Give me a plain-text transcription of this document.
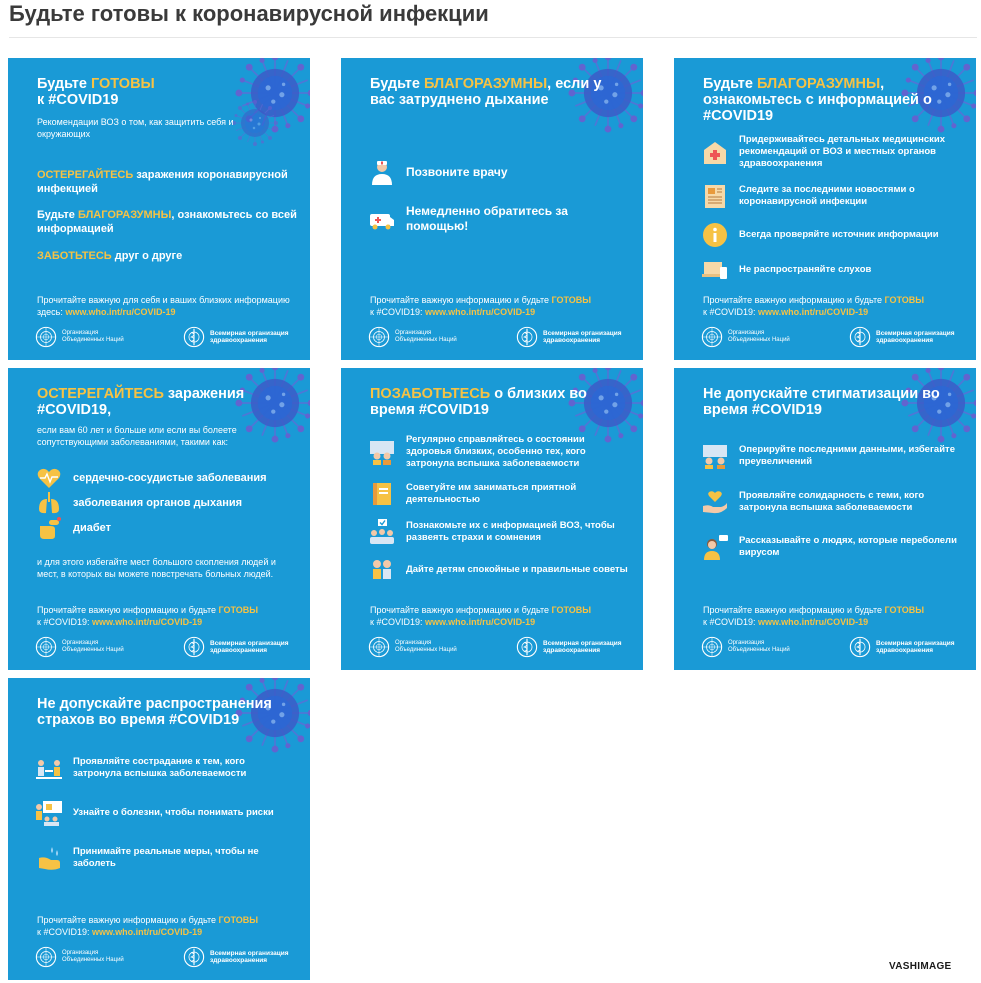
Будьте готовы к коронавирусной инфекции
Будьте ГОТОВЫ
к #COVID19
Рекомендации ВОЗ о том, как защитить себя и окружающих
ОСТЕРЕГАЙТЕСЬ заражения коронавирусной инфекцией
Будьте БЛАГОРАЗУМНЫ, ознакомьтесь со всей информацией
ЗАБОТЬТЕСЬ друг о друге
Прочитайте важную для себя и ваших близких информацию здесь: www.who.int/ru/COVID-19
Организация
Объединенных Наций
Всемирная организация
здравоохранения
Будьте БЛАГОРАЗУМНЫ, если у вас затруднено дыхание
Позвоните врачу
Немедленно обратитесь за помощью!
Прочитайте важную информацию и будьте ГОТОВЫ
к #COVID19: www.who.int/ru/COVID-19
Организация
Объединенных Наций
Всемирная организация
здравоохранения
Будьте БЛАГОРАЗУМНЫ, ознакомьтесь с информацией о #COVID19
Придерживайтесь детальных медицинских рекомендаций от ВОЗ и местных органов здравоохранения
Следите за последними новостями о коронавирусной инфекции
Всегда проверяйте источник информации
Не распространяйте слухов
Прочитайте важную информацию и будьте ГОТОВЫ
к #COVID19: www.who.int/ru/COVID-19
Организация
Объединенных Наций
Всемирная организация
здравоохранения
ОСТЕРЕГАЙТЕСЬ заражения #COVID19,
если вам 60 лет и больше или если вы болеете сопутствующими заболеваниями, такими как:
сердечно-сосудистые заболевания
заболевания органов дыхания
диабет
и для этого избегайте мест большого скопления людей и мест, в которых вы можете повстречать больных людей.
Прочитайте важную информацию и будьте ГОТОВЫ
к #COVID19: www.who.int/ru/COVID-19
Организация
Объединенных Наций
Всемирная организация
здравоохранения
ПОЗАБОТЬТЕСЬ о близких во время #COVID19
Регулярно справляйтесь о состоянии здоровья близких, особенно тех, кого затронула вспышка заболеваемости
Советуйте им заниматься приятной деятельностью
Познакомьте их с информацией ВОЗ, чтобы развеять страхи и сомнения
Дайте детям спокойные и правильные советы
Прочитайте важную информацию и будьте ГОТОВЫ
к #COVID19: www.who.int/ru/COVID-19
Организация
Объединенных Наций
Всемирная организация
здравоохранения
Не допускайте стигматизации во время #COVID19
Оперируйте последними данными, избегайте преувеличений
Проявляйте солидарность с теми, кого затронула вспышка заболеваемости
Рассказывайте о людях, которые переболели вирусом
Прочитайте важную информацию и будьте ГОТОВЫ
к #COVID19: www.who.int/ru/COVID-19
Организация
Объединенных Наций
Всемирная организация
здравоохранения
Не допускайте распространения страхов во время #COVID19
Проявляйте сострадание к тем, кого затронула вспышка заболеваемости
Узнайте о болезни, чтобы понимать риски
Принимайте реальные меры, чтобы не заболеть
Прочитайте важную информацию и будьте ГОТОВЫ
к #COVID19: www.who.int/ru/COVID-19
Организация
Объединенных Наций
Всемирная организация
здравоохранения
VASHIMAGE
